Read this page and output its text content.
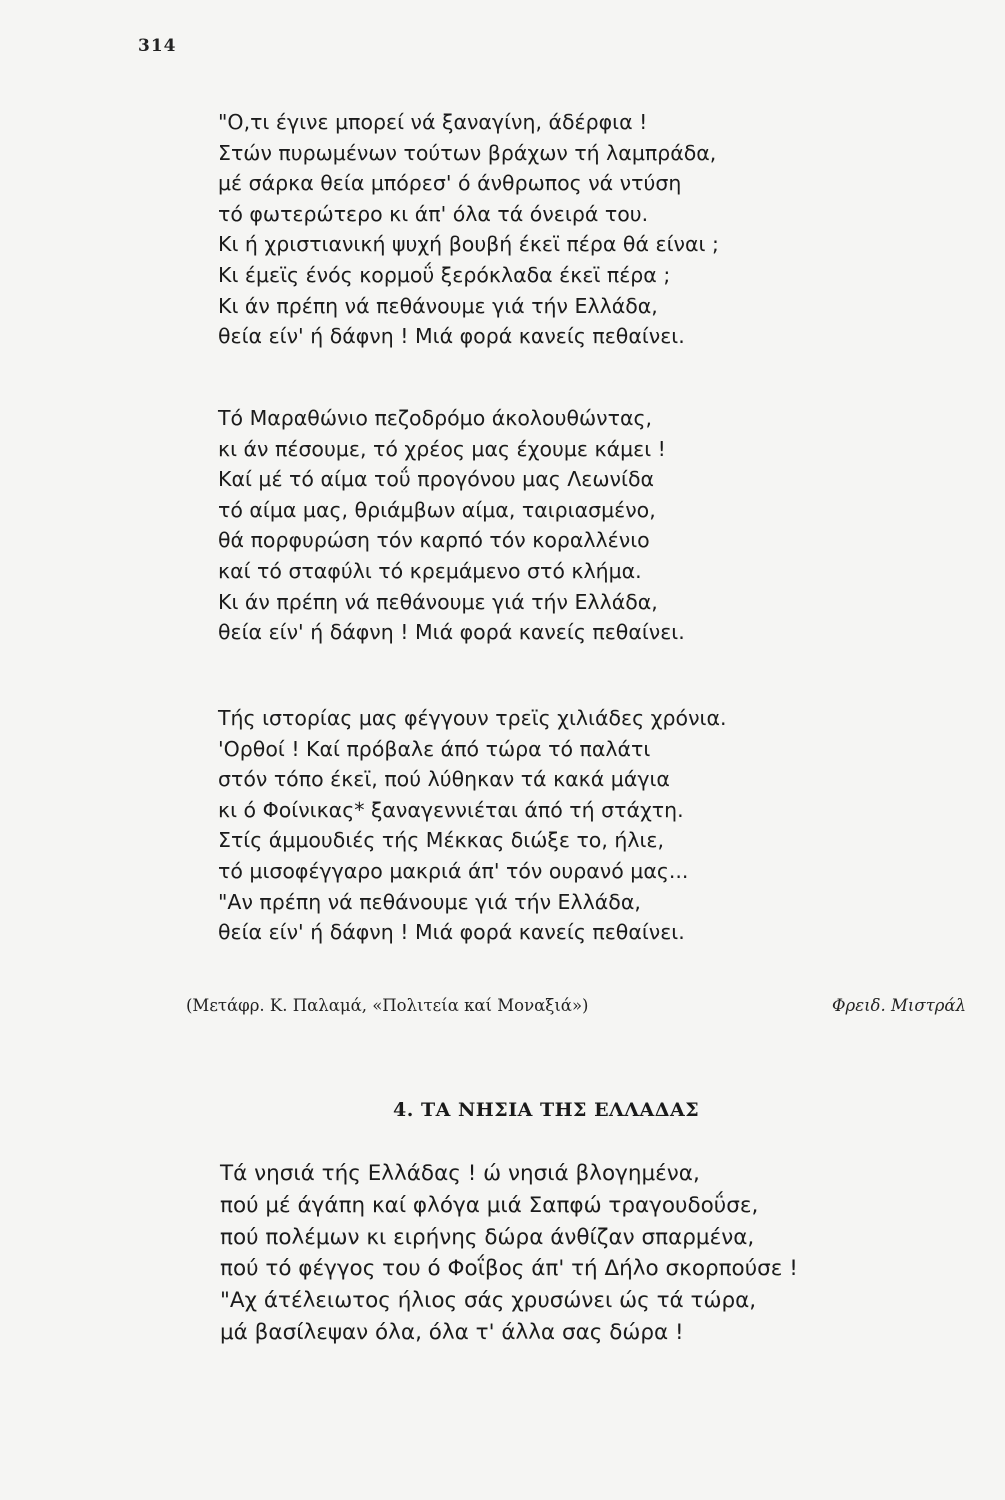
314
"Ο,τι έγινε μπορεί νά ξαναγίνη, άδέρφια !
Στών πυρωμένων τούτων βράχων τή λαμπράδα,
μέ σάρκα θεία μπόρεσ' ό άνθρωπος νά ντύση
τό φωτερώτερο κι άπ' όλα τά όνειρά του.
Κι ή χριστιανική ψυχή βουβή έκεϊ πέρα θά είναι ;
Κι έμεϊς ένός κορμοΰ ξερόκλαδα έκεϊ πέρα ;
Κι άν πρέπη νά πεθάνουμε γιά τήν Ελλάδα,
θεία είν' ή δάφνη ! Μιά φορά κανείς πεθαίνει.
Τό Μαραθώνιο πεζοδρόμο άκολουθώντας,
κι άν πέσουμε, τό χρέος μας έχουμε κάμει !
Καί μέ τό αίμα τοΰ προγόνου μας Λεωνίδα
τό αίμα μας, θριάμβων αίμα, ταιριασμένο,
θά πορφυρώση τόν καρπό τόν κοραλλένιο
καί τό σταφύλι τό κρεμάμενο στό κλήμα.
Κι άν πρέπη νά πεθάνουμε γιά τήν Ελλάδα,
θεία είν' ή δάφνη ! Μιά φορά κανείς πεθαίνει.
Τής ιστορίας μας φέγγουν τρεϊς χιλιάδες χρόνια.
'Ορθοί ! Καί πρόβαλε άπό τώρα τό παλάτι
στόν τόπο έκεϊ, πού λύθηκαν τά κακά μάγια
κι ό Φοίνικας* ξαναγεννιέται άπό τή στάχτη.
Στίς άμμουδιές τής Μέκκας διώξε το, ήλιε,
τό μισοφέγγαρο μακριά άπ' τόν ουρανό μας...
"Αν πρέπη νά πεθάνουμε γιά τήν Ελλάδα,
θεία είν' ή δάφνη ! Μιά φορά κανείς πεθαίνει.
(Μετάφρ. Κ. Παλαμά, «Πολιτεία καί Μοναξιά»)	Φρειδ. Μιστράλ
4. ΤΑ ΝΗΣΙΑ ΤΗΣ ΕΛΛΑΔΑΣ
Τά νησιά τής Ελλάδας ! ώ νησιά βλογημένα,
πού μέ άγάπη καί φλόγα μιά Σαπφώ τραγουδοΰσε,
πού πολέμων κι ειρήνης δώρα άνθίζαν σπαρμένα,
πού τό φέγγος του ό Φοΐβος άπ' τή Δήλο σκορπούσε !
"Αχ άτέλειωτος ήλιος σάς χρυσώνει ώς τά τώρα,
μά βασίλεψαν όλα, όλα τ' άλλα σας δώρα !
